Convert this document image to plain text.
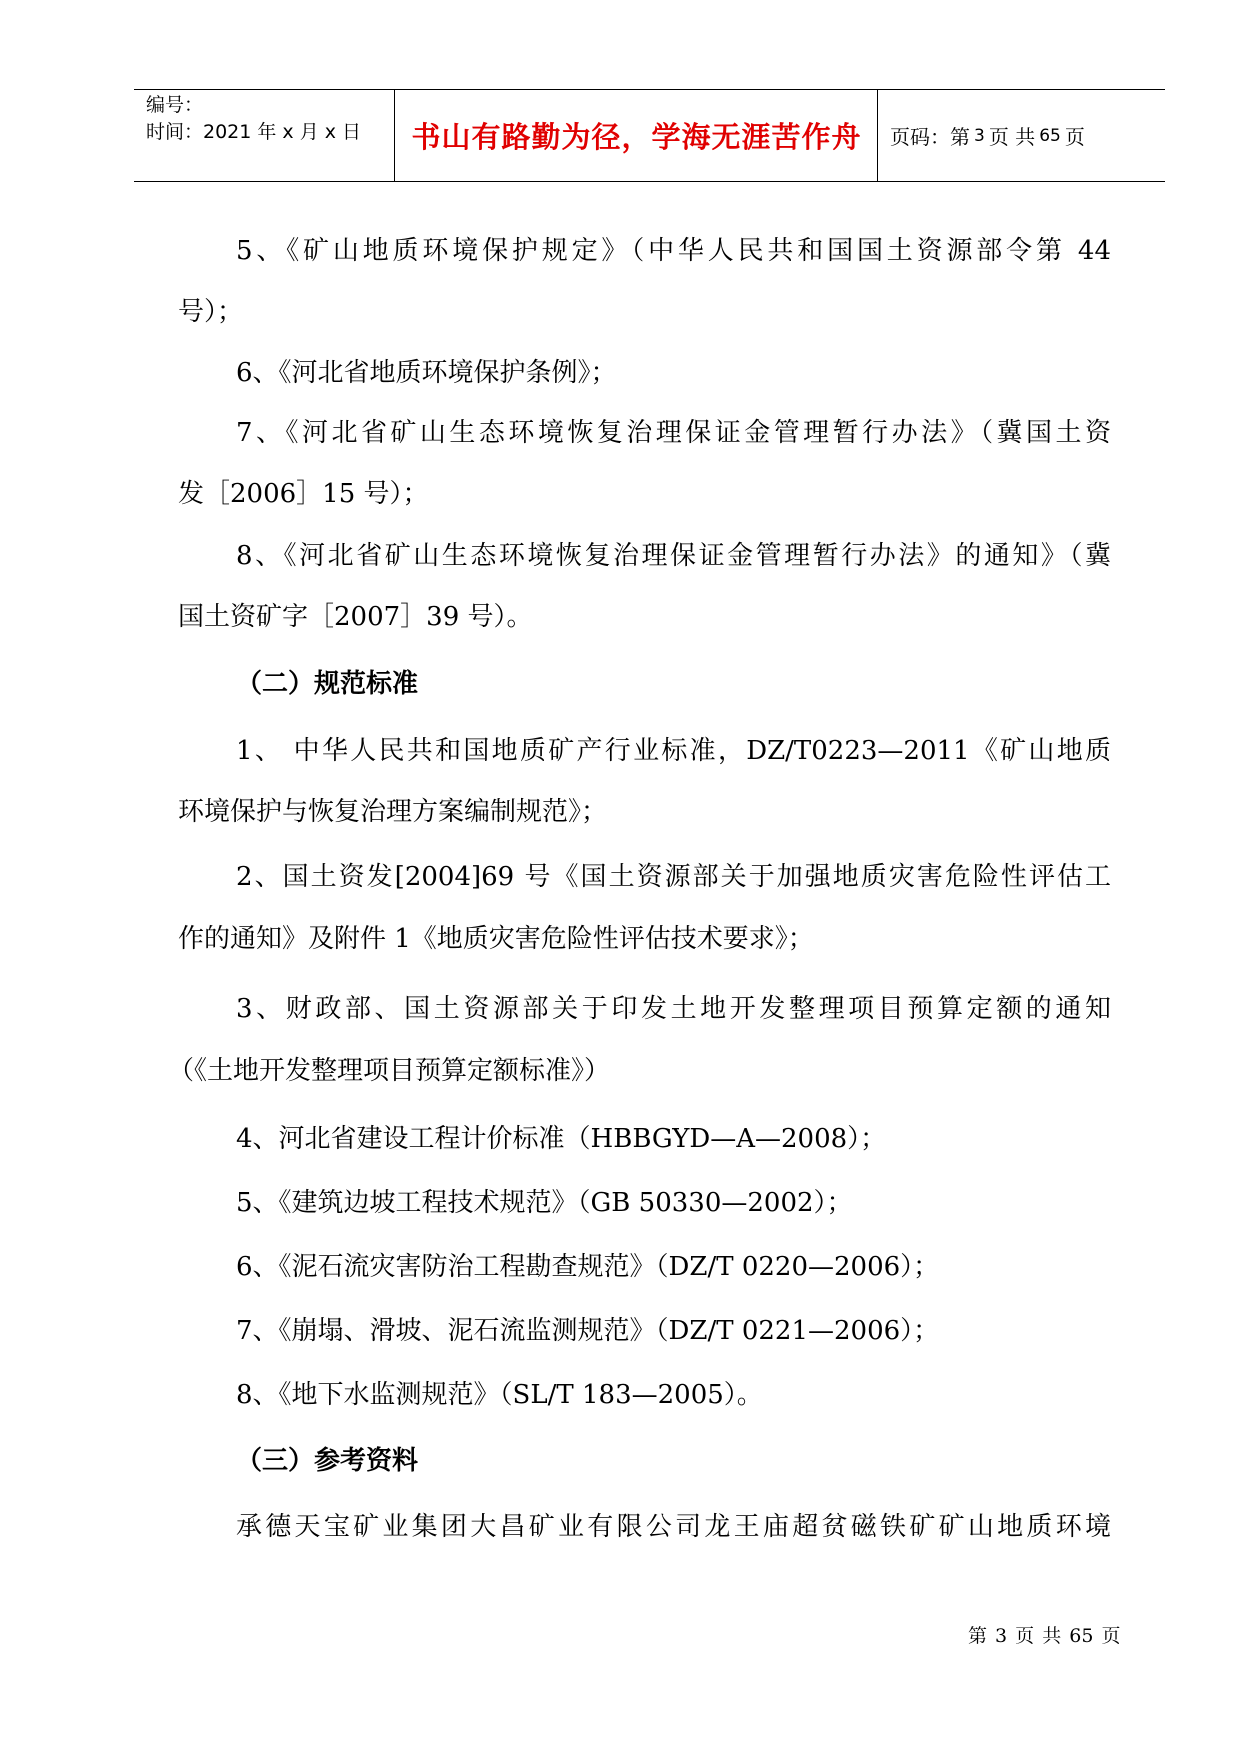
编号：
时间：2021 年 x 月 x 日	书山有路勤为径，学海无涯苦作舟	页码：第 3 页 共 65 页
5、《矿山地质环境保护规定》（中华人民共和国国土资源部令第 44
号）；
6、《河北省地质环境保护条例》；
7、《河北省矿山生态环境恢复治理保证金管理暂行办法》（冀国土资
发［2006］15 号）；
8、《河北省矿山生态环境恢复治理保证金管理暂行办法》的通知》（冀
国土资矿字［2007］39 号）。
（二）规范标准
1、 中华人民共和国地质矿产行业标准，DZ/T0223—2011《矿山地质
环境保护与恢复治理方案编制规范》；
2、国土资发[2004]69 号《国土资源部关于加强地质灾害危险性评估工
作的通知》及附件 1《地质灾害危险性评估技术要求》；
3、财政部、国土资源部关于印发土地开发整理项目预算定额的通知
（《土地开发整理项目预算定额标准》）
4、河北省建设工程计价标准（HBBGYD—A—2008）；
5、《建筑边坡工程技术规范》（GB 50330—2002）；
6、《泥石流灾害防治工程勘查规范》（DZ/T 0220—2006）；
7、《崩塌、滑坡、泥石流监测规范》（DZ/T 0221—2006）；
8、《地下水监测规范》（SL/T 183—2005）。
（三）参考资料
承德天宝矿业集团大昌矿业有限公司龙王庙超贫磁铁矿矿山地质环境
第 3 页 共 65 页
